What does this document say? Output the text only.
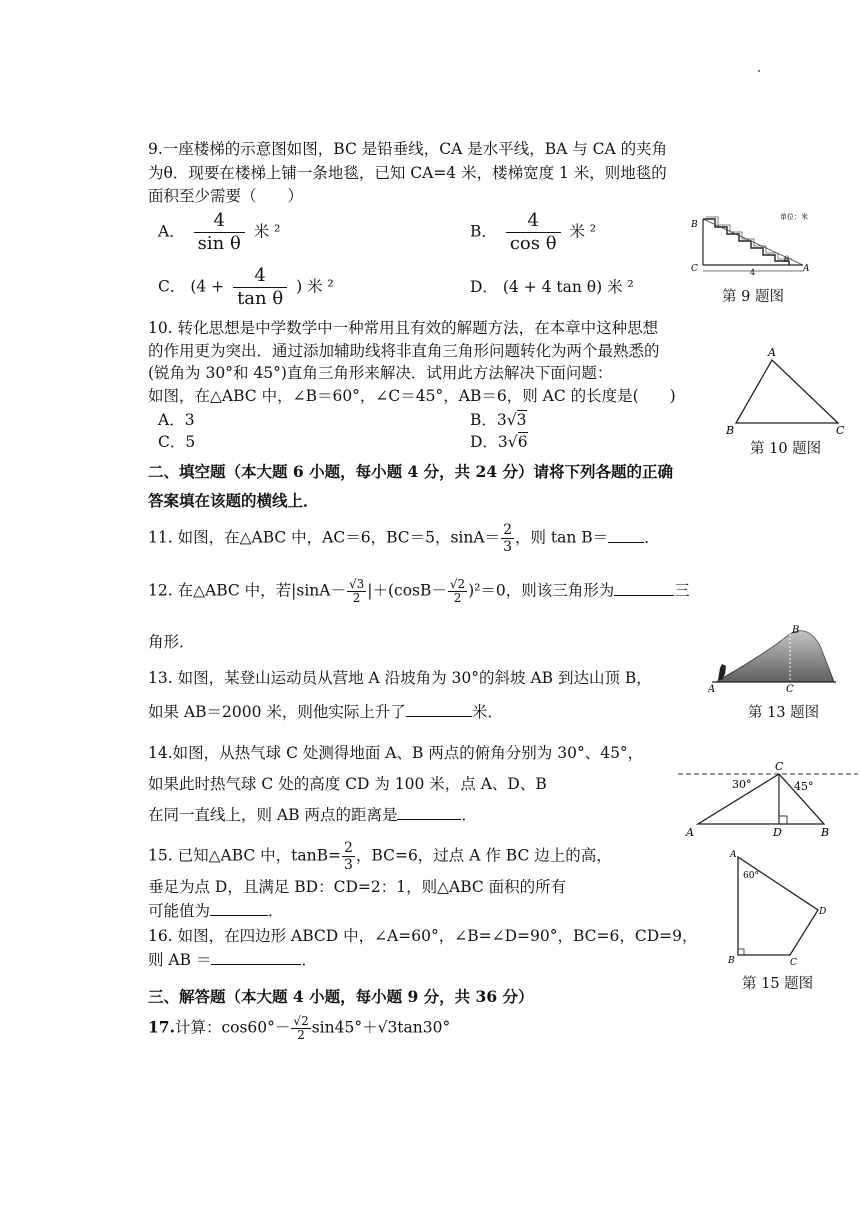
9.一座楼梯的示意图如图，BC 是铅垂线，CA 是水平线，BA 与 CA 的夹角
为θ．现要在楼梯上铺一条地毯，已知 CA=4 米，楼梯宽度 1 米，则地毯的
面积至少需要（　　）
A． $\frac{4}{\text{sin θ}}$ 米 ²	B． $\frac{4}{\text{cos θ}}$ 米 ²
C． ($4 + \frac{4}{\text{tan θ}}$ ) 米 ²	D． (4 + 4 tan θ) 米 ²
单位：米
B
C	A
4
θ
第 9 题图
10. 转化思想是中学数学中一种常用且有效的解题方法，在本章中这种思想
的作用更为突出．通过添加辅助线将非直角三角形问题转化为两个最熟悉的
(锐角为 30°和 45°)直角三角形来解决．试用此方法解决下面问题：
如图，在△ABC 中，∠B＝60°，∠C＝45°，AB＝6，则 AC 的长度是(　　)
A．3	B．3√3
C．5	D．3√6
A
B	C
第 10 题图
二、填空题（本大题 6 小题，每小题 4 分，共 24 分）请将下列各题的正确
答案填在该题的横线上．
11. 如图，在△ABC 中，AC＝6，BC＝5，$\sin A= \frac{2}{3}$ ，则 tan B＝ ．
12. 在△ABC 中，若$|\sin A- \frac{√3}{2} |+(\cos B- \frac{√2}{2} )^2=0$，则该三角形为	三
角形．
13. 如图，某登山运动员从营地 A 沿坡角为 30°的斜坡 AB 到达山顶 B，
如果 AB＝2000 米，则他实际上升了	米．
B
A	C
第 13 题图
14.如图，从热气球 C 处测得地面 A、B 两点的俯角分别为 30°、45°，
如果此时热气球 C 处的高度 CD 为 100 米，点 A、D、B
在同一直线上，则 AB 两点的距离是	．
C
30°	45°
A	D	B
15. 已知△ABC 中，$\tan B= \frac{2}{3}$ ，BC=6，过点 A 作 BC 边上的高，
垂足为点 D，且满足 BD：CD=2：1，则△ABC 面积的所有
可能值为	．
A
60°
D
B	C
第 15 题图
16. 如图，在四边形 ABCD 中，∠A=60°，∠B=∠D=90°，BC=6，CD=9，
则 AB ＝	．
三、解答题（本大题 4 小题，每小题 9 分，共 36 分）
17.计算：$\cos 60^\circ- \frac{√2}{2} \sin 45^\circ+√3\tan 30^\circ$
